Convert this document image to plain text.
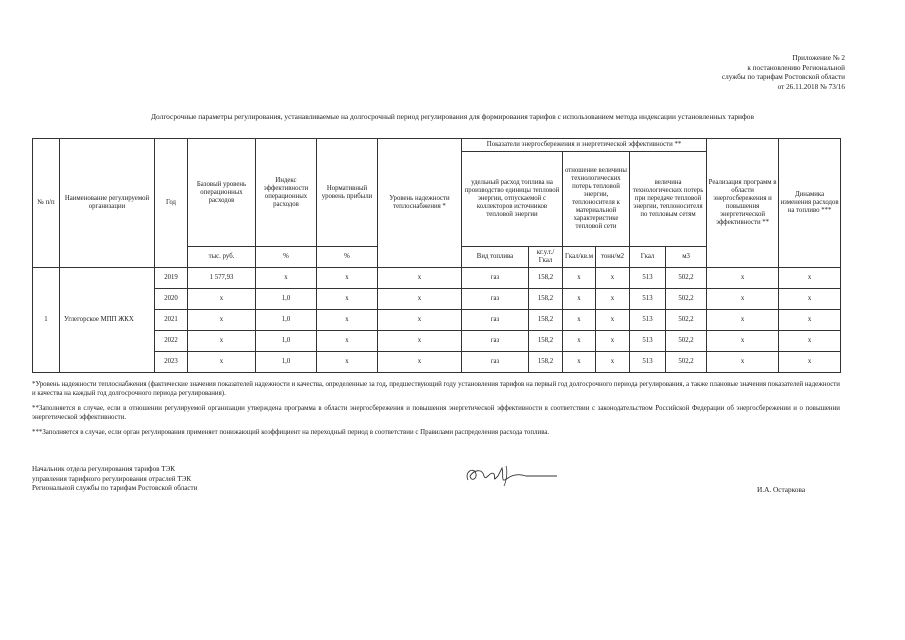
Приложение № 2
к постановлению Региональной
службы по тарифам Ростовской области
от 26.11.2018 № 73/16
Долгосрочные параметры регулирования, устанавливаемые на долгосрочный период регулирования для формирования тарифов с использованием метода индексации установленных тарифов
№ п/п	Наименование регулируемой организации	Год	Базовый уровень операционных расходов	Индекс эффективности операционных расходов	Нормативный уровень прибыли	Уровень надежности теплоснабжения *	Показатели энергосбережения и энергетической эффективности **						Реализация программ в области энергосбережения и повышения энергетической эффективности **	Динамика изменения расходов на топливо ***
							удельный расход топлива на производство единицы тепловой энергии, отпускаемой с коллекторов источников тепловой энергии		отношение величины технологических потерь тепловой энергии, теплоносителя к материальной характеристике тепловой сети		величина технологических потерь при передаче тепловой энергии, теплоносителя по тепловым сетям			
			тыс. руб.	%	%		Вид топлива	кг.у.т./Гкал	Гкал/кв.м	тонн/м2	Гкал	м3		
1	Углегорское МПП ЖКХ	2019	1 577,93	х	х	х	газ	158,2	х	х	513	502,2	х	х
		2020	х	1,0	х	х	газ	158,2	х	х	513	502,2	х	х
		2021	х	1,0	х	х	газ	158,2	х	х	513	502,2	х	х
		2022	х	1,0	х	х	газ	158,2	х	х	513	502,2	х	х
		2023	х	1,0	х	х	газ	158,2	х	х	513	502,2	х	х

*Уровень надежности теплоснабжения (фактические значения показателей надежности и качества, определенные за год, предшествующий году установления тарифов на первый год долгосрочного периода регулирования, а также плановые значения показателей надежности и качества на каждый год долгосрочного периода регулирования).

**Заполняется в случае, если в отношении регулируемой организации утверждена программа в области энергосбережения и повышения энергетической эффективности в соответствии с законодательством Российской Федерации об энергосбережении и о повышении энергетической эффективности.

***Заполняется в случае, если орган регулирования применяет понижающий коэффициент на переходный период в соответствии с Правилами распределения расхода топлива.

Начальник отдела регулирования тарифов ТЭК
управления тарифного регулирования отраслей ТЭК
Региональной службы по тарифам Ростовской области	И.А. Остаркова
